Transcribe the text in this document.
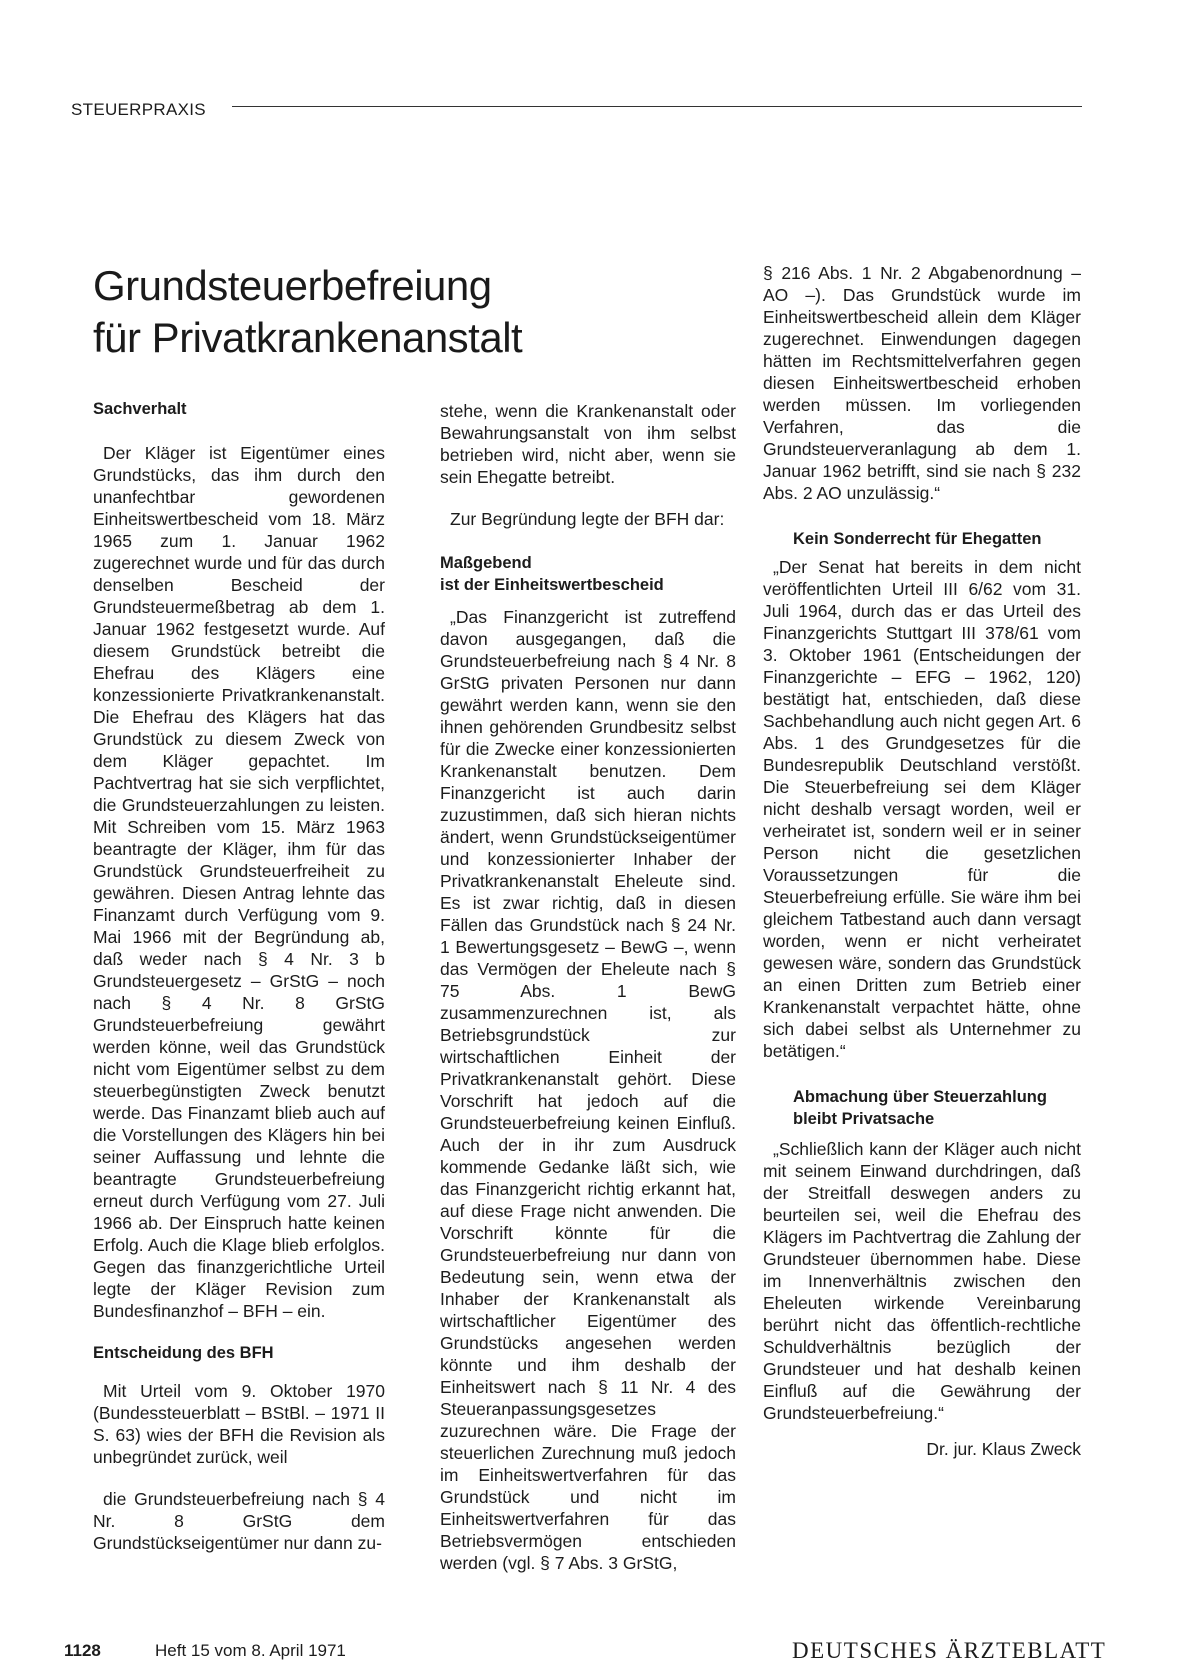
STEUERPRAXIS
Grundsteuerbefreiung
für Privatkrankenanstalt
Sachverhalt

Der Kläger ist Eigentümer eines Grundstücks, das ihm durch den unanfechtbar gewordenen Einheitswertbescheid vom 18. März 1965 zum 1. Januar 1962 zugerechnet wurde und für das durch denselben Bescheid der Grundsteuermeßbetrag ab dem 1. Januar 1962 festgesetzt wurde. Auf diesem Grundstück betreibt die Ehefrau des Klägers eine konzessionierte Privatkrankenanstalt. Die Ehefrau des Klägers hat das Grundstück zu diesem Zweck von dem Kläger gepachtet. Im Pachtvertrag hat sie sich verpflichtet, die Grundsteuerzahlungen zu leisten. Mit Schreiben vom 15. März 1963 beantragte der Kläger, ihm für das Grundstück Grundsteuerfreiheit zu gewähren. Diesen Antrag lehnte das Finanzamt durch Verfügung vom 9. Mai 1966 mit der Begründung ab, daß weder nach § 4 Nr. 3 b Grundsteuergesetz – GrStG – noch nach § 4 Nr. 8 GrStG Grundsteuerbefreiung gewährt werden könne, weil das Grundstück nicht vom Eigentümer selbst zu dem steuerbegünstigten Zweck benutzt werde. Das Finanzamt blieb auch auf die Vorstellungen des Klägers hin bei seiner Auffassung und lehnte die beantragte Grundsteuerbefreiung erneut durch Verfügung vom 27. Juli 1966 ab. Der Einspruch hatte keinen Erfolg. Auch die Klage blieb erfolglos. Gegen das finanzgerichtliche Urteil legte der Kläger Revision zum Bundesfinanzhof – BFH – ein.

Entscheidung des BFH

Mit Urteil vom 9. Oktober 1970 (Bundessteuerblatt – BStBl. – 1971 II S. 63) wies der BFH die Revision als unbegründet zurück, weil

die Grundsteuerbefreiung nach § 4 Nr. 8 GrStG dem Grundstückseigentümer nur dann zu-

stehe, wenn die Krankenanstalt oder Bewahrungsanstalt von ihm selbst betrieben wird, nicht aber, wenn sie sein Ehegatte betreibt.

Zur Begründung legte der BFH dar:

Maßgebend
ist der Einheitswertbescheid

„Das Finanzgericht ist zutreffend davon ausgegangen, daß die Grundsteuerbefreiung nach § 4 Nr. 8 GrStG privaten Personen nur dann gewährt werden kann, wenn sie den ihnen gehörenden Grundbesitz selbst für die Zwecke einer konzessionierten Krankenanstalt benutzen. Dem Finanzgericht ist auch darin zuzustimmen, daß sich hieran nichts ändert, wenn Grundstückseigentümer und konzessionierter Inhaber der Privatkrankenanstalt Eheleute sind. Es ist zwar richtig, daß in diesen Fällen das Grundstück nach § 24 Nr. 1 Bewertungsgesetz – BewG –, wenn das Vermögen der Eheleute nach § 75 Abs. 1 BewG zusammenzurechnen ist, als Betriebsgrundstück zur wirtschaftlichen Einheit der Privatkrankenanstalt gehört. Diese Vorschrift hat jedoch auf die Grundsteuerbefreiung keinen Einfluß. Auch der in ihr zum Ausdruck kommende Gedanke läßt sich, wie das Finanzgericht richtig erkannt hat, auf diese Frage nicht anwenden. Die Vorschrift könnte für die Grundsteuerbefreiung nur dann von Bedeutung sein, wenn etwa der Inhaber der Krankenanstalt als wirtschaftlicher Eigentümer des Grundstücks angesehen werden könnte und ihm deshalb der Einheitswert nach § 11 Nr. 4 des Steueranpassungsgesetzes zuzurechnen wäre. Die Frage der steuerlichen Zurechnung muß jedoch im Einheitswertverfahren für das Grundstück und nicht im Einheitswertverfahren für das Betriebsvermögen entschieden werden (vgl. § 7 Abs. 3 GrStG,

§ 216 Abs. 1 Nr. 2 Abgabenordnung – AO –). Das Grundstück wurde im Einheitswertbescheid allein dem Kläger zugerechnet. Einwendungen dagegen hätten im Rechtsmittelverfahren gegen diesen Einheitswertbescheid erhoben werden müssen. Im vorliegenden Verfahren, das die Grundsteuerveranlagung ab dem 1. Januar 1962 betrifft, sind sie nach § 232 Abs. 2 AO unzulässig.“

Kein Sonderrecht für Ehegatten

„Der Senat hat bereits in dem nicht veröffentlichten Urteil III 6/62 vom 31. Juli 1964, durch das er das Urteil des Finanzgerichts Stuttgart III 378/61 vom 3. Oktober 1961 (Entscheidungen der Finanzgerichte – EFG – 1962, 120) bestätigt hat, entschieden, daß diese Sachbehandlung auch nicht gegen Art. 6 Abs. 1 des Grundgesetzes für die Bundesrepublik Deutschland verstößt. Die Steuerbefreiung sei dem Kläger nicht deshalb versagt worden, weil er verheiratet ist, sondern weil er in seiner Person nicht die gesetzlichen Voraussetzungen für die Steuerbefreiung erfülle. Sie wäre ihm bei gleichem Tatbestand auch dann versagt worden, wenn er nicht verheiratet gewesen wäre, sondern das Grundstück an einen Dritten zum Betrieb einer Krankenanstalt verpachtet hätte, ohne sich dabei selbst als Unternehmer zu betätigen.“

Abmachung über Steuerzahlung
bleibt Privatsache

„Schließlich kann der Kläger auch nicht mit seinem Einwand durchdringen, daß der Streitfall deswegen anders zu beurteilen sei, weil die Ehefrau des Klägers im Pachtvertrag die Zahlung der Grundsteuer übernommen habe. Diese im Innenverhältnis zwischen den Eheleuten wirkende Vereinbarung berührt nicht das öffentlich-rechtliche Schuldverhältnis bezüglich der Grundsteuer und hat deshalb keinen Einfluß auf die Gewährung der Grundsteuerbefreiung.“

Dr. jur. Klaus Zweck

1128	Heft 15 vom 8. April 1971	DEUTSCHES ÄRZTEBLATT
